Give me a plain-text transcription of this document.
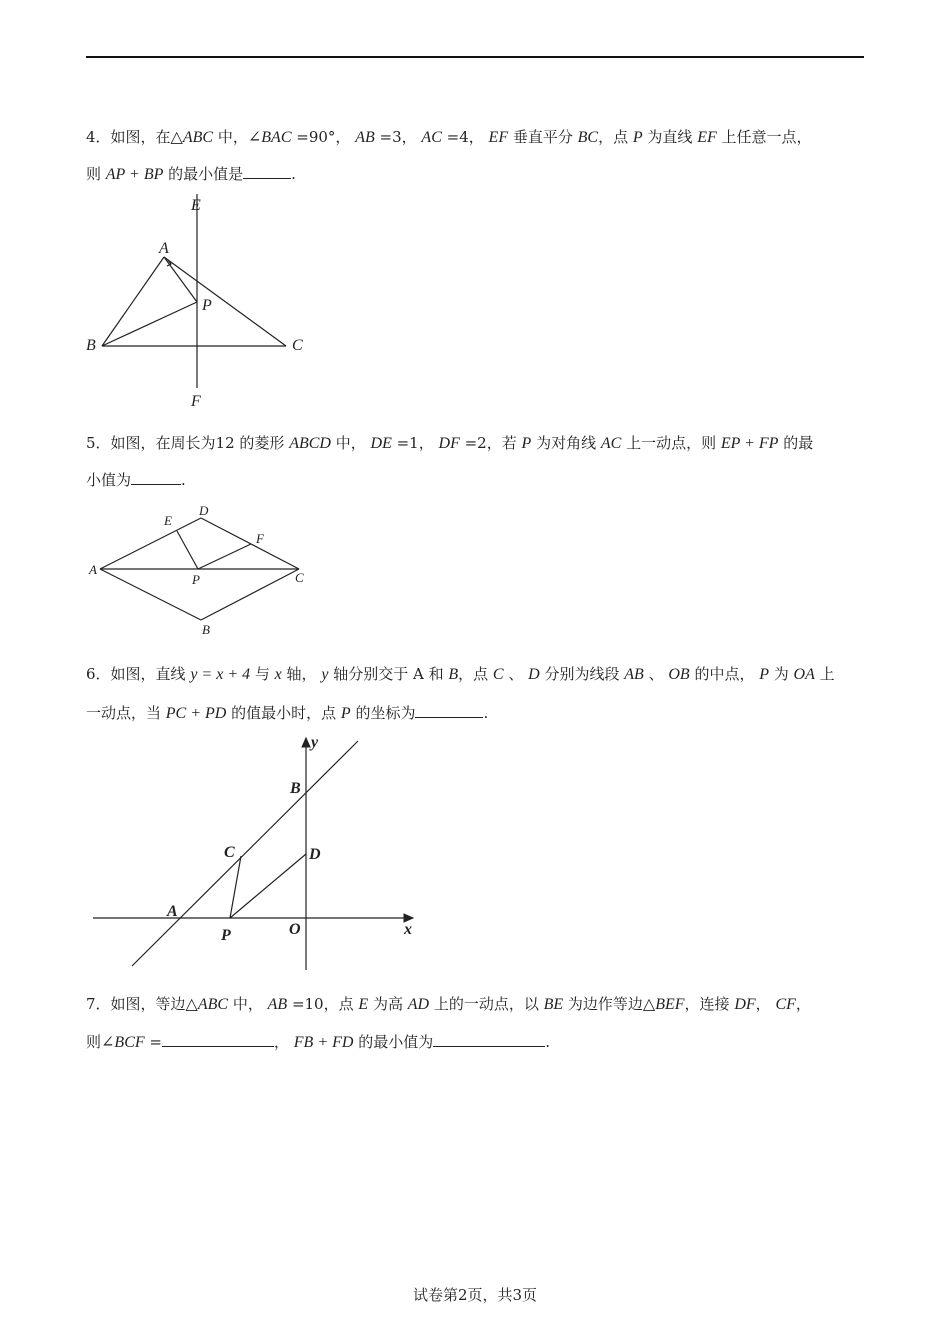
4．如图，在△ABC 中，∠BAC =90°， AB =3， AC =4， EF 垂直平分 BC，点 P 为直线 EF 上任意一点，
则 AP + BP 的最小值是	.
E
A
P
B	C
F
5．如图，在周长为12 的菱形 ABCD 中， DE =1， DF =2，若 P 为对角线 AC 上一动点，则 EP + FP 的最
小值为	.
E
D
F
A
P	C
B
6．如图，直线 y = x + 4 与 x 轴， y 轴分别交于 A 和 B，点 C 、 D 分别为线段 AB 、 OB 的中点， P 为 OA 上
一动点，当 PC + PD 的值最小时，点 P 的坐标为	.
y
B
C	D
A
P	O	x
7．如图，等边△ABC 中， AB =10，点 E 为高 AD 上的一动点，以 BE 为边作等边△BEF，连接 DF， CF，
则∠BCF =	， FB + FD 的最小值为	.
试卷第2页，共3页
